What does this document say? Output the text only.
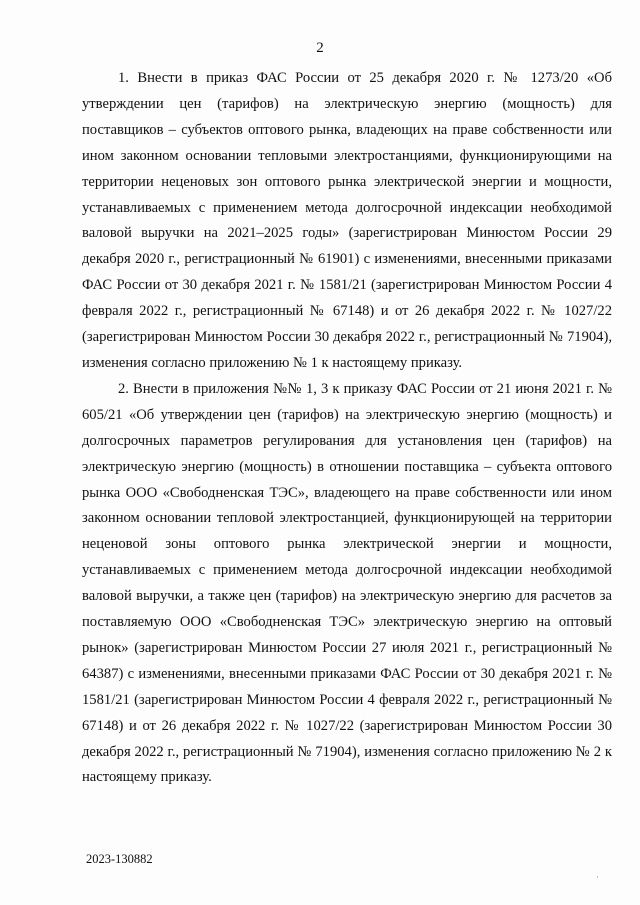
2

1. Внести в приказ ФАС России от 25 декабря 2020 г. № 1273/20 «Об утверждении цен (тарифов) на электрическую энергию (мощность) для поставщиков – субъектов оптового рынка, владеющих на праве собственности или ином законном основании тепловыми электростанциями, функционирующими на территории неценовых зон оптового рынка электрической энергии и мощности, устанавливаемых с применением метода долгосрочной индексации необходимой валовой выручки на 2021–2025 годы» (зарегистрирован Минюстом России 29 декабря 2020 г., регистрационный № 61901) с изменениями, внесенными приказами ФАС России от 30 декабря 2021 г. № 1581/21 (зарегистрирован Минюстом России 4 февраля 2022 г., регистрационный № 67148) и от 26 декабря 2022 г. № 1027/22 (зарегистрирован Минюстом России 30 декабря 2022 г., регистрационный № 71904), изменения согласно приложению № 1 к настоящему приказу.

2. Внести в приложения №№ 1, 3 к приказу ФАС России от 21 июня 2021 г. № 605/21 «Об утверждении цен (тарифов) на электрическую энергию (мощность) и долгосрочных параметров регулирования для установления цен (тарифов) на электрическую энергию (мощность) в отношении поставщика – субъекта оптового рынка ООО «Свободненская ТЭС», владеющего на праве собственности или ином законном основании тепловой электростанцией, функционирующей на территории неценовой зоны оптового рынка электрической энергии и мощности, устанавливаемых с применением метода долгосрочной индексации необходимой валовой выручки, а также цен (тарифов) на электрическую энергию для расчетов за поставляемую ООО «Свободненская ТЭС» электрическую энергию на оптовый рынок» (зарегистрирован Минюстом России 27 июля 2021 г., регистрационный № 64387) с изменениями, внесенными приказами ФАС России от 30 декабря 2021 г. № 1581/21 (зарегистрирован Минюстом России 4 февраля 2022 г., регистрационный № 67148) и от 26 декабря 2022 г. № 1027/22 (зарегистрирован Минюстом России 30 декабря 2022 г., регистрационный № 71904), изменения согласно приложению № 2 к настоящему приказу.

2023-130882
·
